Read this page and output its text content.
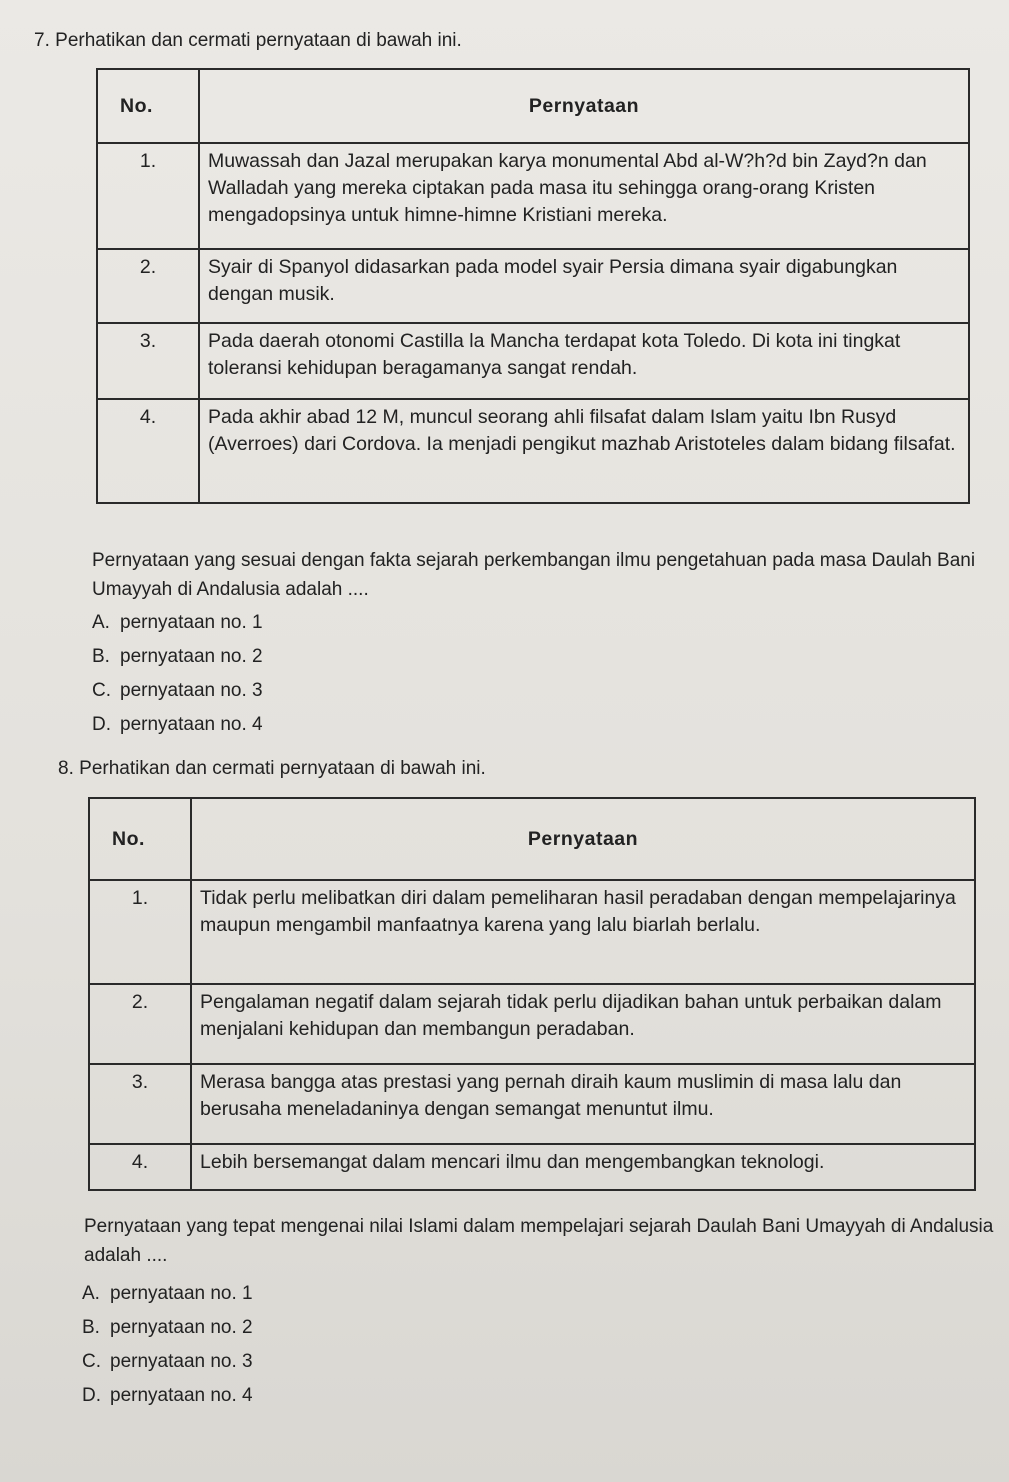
7. Perhatikan dan cermati pernyataan di bawah ini.
No.	Pernyataan
1.	Muwassah dan Jazal merupakan karya monumental Abd al-W?h?d bin Zayd?n dan Walladah yang mereka ciptakan pada masa itu sehingga orang-orang Kristen mengadopsinya untuk himne-himne Kristiani mereka.
2.	Syair di Spanyol didasarkan pada model syair Persia dimana syair digabungkan dengan musik.
3.	Pada daerah otonomi Castilla la Mancha terdapat kota Toledo. Di kota ini tingkat toleransi kehidupan beragamanya sangat rendah.
4.	Pada akhir abad 12 M, muncul seorang ahli filsafat dalam Islam yaitu Ibn Rusyd (Averroes) dari Cordova. Ia menjadi pengikut mazhab Aristoteles dalam bidang filsafat.
Pernyataan yang sesuai dengan fakta sejarah perkembangan ilmu pengetahuan pada masa Daulah Bani Umayyah di Andalusia adalah ....
A. pernyataan no. 1
B. pernyataan no. 2
C. pernyataan no. 3
D. pernyataan no. 4
8. Perhatikan dan cermati pernyataan di bawah ini.
No.	Pernyataan
1.	Tidak perlu melibatkan diri dalam pemeliharan hasil peradaban dengan mempelajarinya maupun mengambil manfaatnya karena yang lalu biarlah berlalu.
2.	Pengalaman negatif dalam sejarah tidak perlu dijadikan bahan untuk perbaikan dalam menjalani kehidupan dan membangun peradaban.
3.	Merasa bangga atas prestasi yang pernah diraih kaum muslimin di masa lalu dan berusaha meneladaninya dengan semangat menuntut ilmu.
4.	Lebih bersemangat dalam mencari ilmu dan mengembangkan teknologi.
Pernyataan yang tepat mengenai nilai Islami dalam mempelajari sejarah Daulah Bani Umayyah di Andalusia adalah ....
A. pernyataan no. 1
B. pernyataan no. 2
C. pernyataan no. 3
D. pernyataan no. 4
